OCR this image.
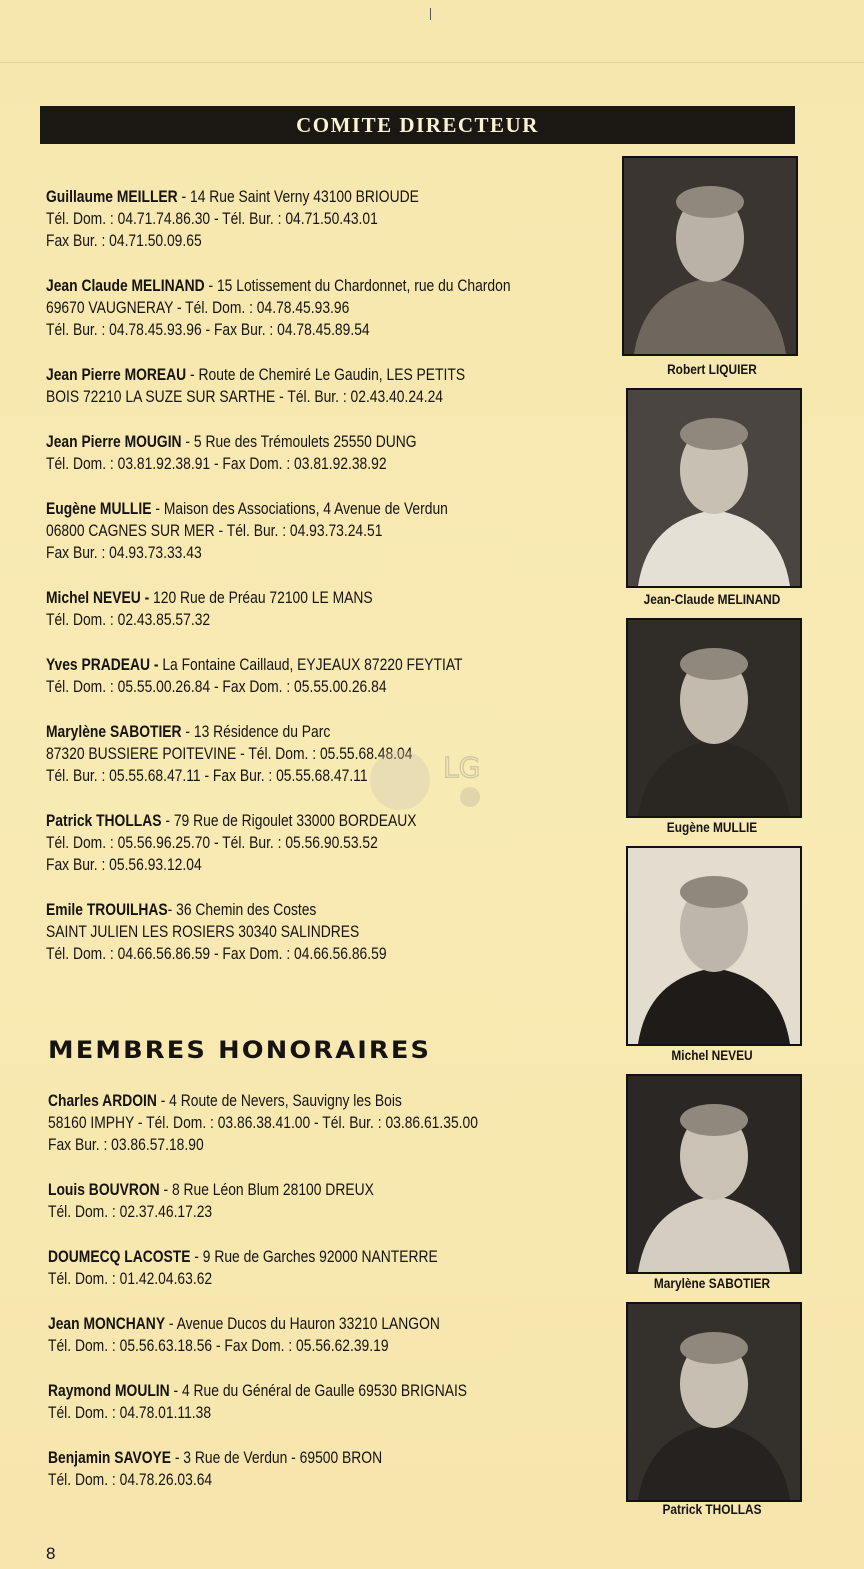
COMITE DIRECTEUR
Guillaume MEILLER - 14 Rue Saint Verny 43100 BRIOUDE
Tél. Dom. : 04.71.74.86.30 - Tél. Bur. : 04.71.50.43.01
Fax Bur. : 04.71.50.09.65
Jean Claude MELINAND - 15 Lotissement du Chardonnet, rue du Chardon
69670 VAUGNERAY - Tél. Dom. : 04.78.45.93.96
Tél. Bur. : 04.78.45.93.96 - Fax Bur. : 04.78.45.89.54
Jean Pierre MOREAU - Route de Chemiré Le Gaudin, LES PETITS
BOIS 72210 LA SUZE SUR SARTHE - Tél. Bur. : 02.43.40.24.24
Jean Pierre MOUGIN - 5 Rue des Trémoulets 25550 DUNG
Tél. Dom. : 03.81.92.38.91 - Fax Dom. : 03.81.92.38.92
Eugène MULLIE - Maison des Associations, 4 Avenue de Verdun
06800 CAGNES SUR MER - Tél. Bur. : 04.93.73.24.51
Fax Bur. : 04.93.73.33.43
Michel NEVEU - 120 Rue de Préau 72100 LE MANS
Tél. Dom. : 02.43.85.57.32
Yves PRADEAU - La Fontaine Caillaud, EYJEAUX 87220 FEYTIAT
Tél. Dom. : 05.55.00.26.84 - Fax Dom. : 05.55.00.26.84
Marylène SABOTIER - 13 Résidence du Parc
87320 BUSSIERE POITEVINE - Tél. Dom. : 05.55.68.48.04
Tél. Bur. : 05.55.68.47.11 - Fax Bur. : 05.55.68.47.11
Patrick THOLLAS - 79 Rue de Rigoulet 33000 BORDEAUX
Tél. Dom. : 05.56.96.25.70 - Tél. Bur. : 05.56.90.53.52
Fax Bur. : 05.56.93.12.04
Emile TROUILHAS- 36 Chemin des Costes
SAINT JULIEN LES ROSIERS 30340 SALINDRES
Tél. Dom. : 04.66.56.86.59 - Fax Dom. : 04.66.56.86.59
MEMBRES HONORAIRES
Charles ARDOIN - 4 Route de Nevers, Sauvigny les Bois
58160 IMPHY - Tél. Dom. : 03.86.38.41.00 - Tél. Bur. : 03.86.61.35.00
Fax Bur. : 03.86.57.18.90
Louis BOUVRON - 8 Rue Léon Blum 28100 DREUX
Tél. Dom. : 02.37.46.17.23
DOUMECQ LACOSTE - 9 Rue de Garches 92000 NANTERRE
Tél. Dom. : 01.42.04.63.62
Jean MONCHANY - Avenue Ducos du Hauron 33210 LANGON
Tél. Dom. : 05.56.63.18.56 - Fax Dom. : 05.56.62.39.19
Raymond MOULIN - 4 Rue du Général de Gaulle 69530 BRIGNAIS
Tél. Dom. : 04.78.01.11.38
Benjamin SAVOYE - 3 Rue de Verdun - 69500 BRON
Tél. Dom. : 04.78.26.03.64
LG
Robert LIQUIER
Jean-Claude MELINAND
Eugène MULLIE
Michel NEVEU
Marylène SABOTIER
Patrick THOLLAS
8
